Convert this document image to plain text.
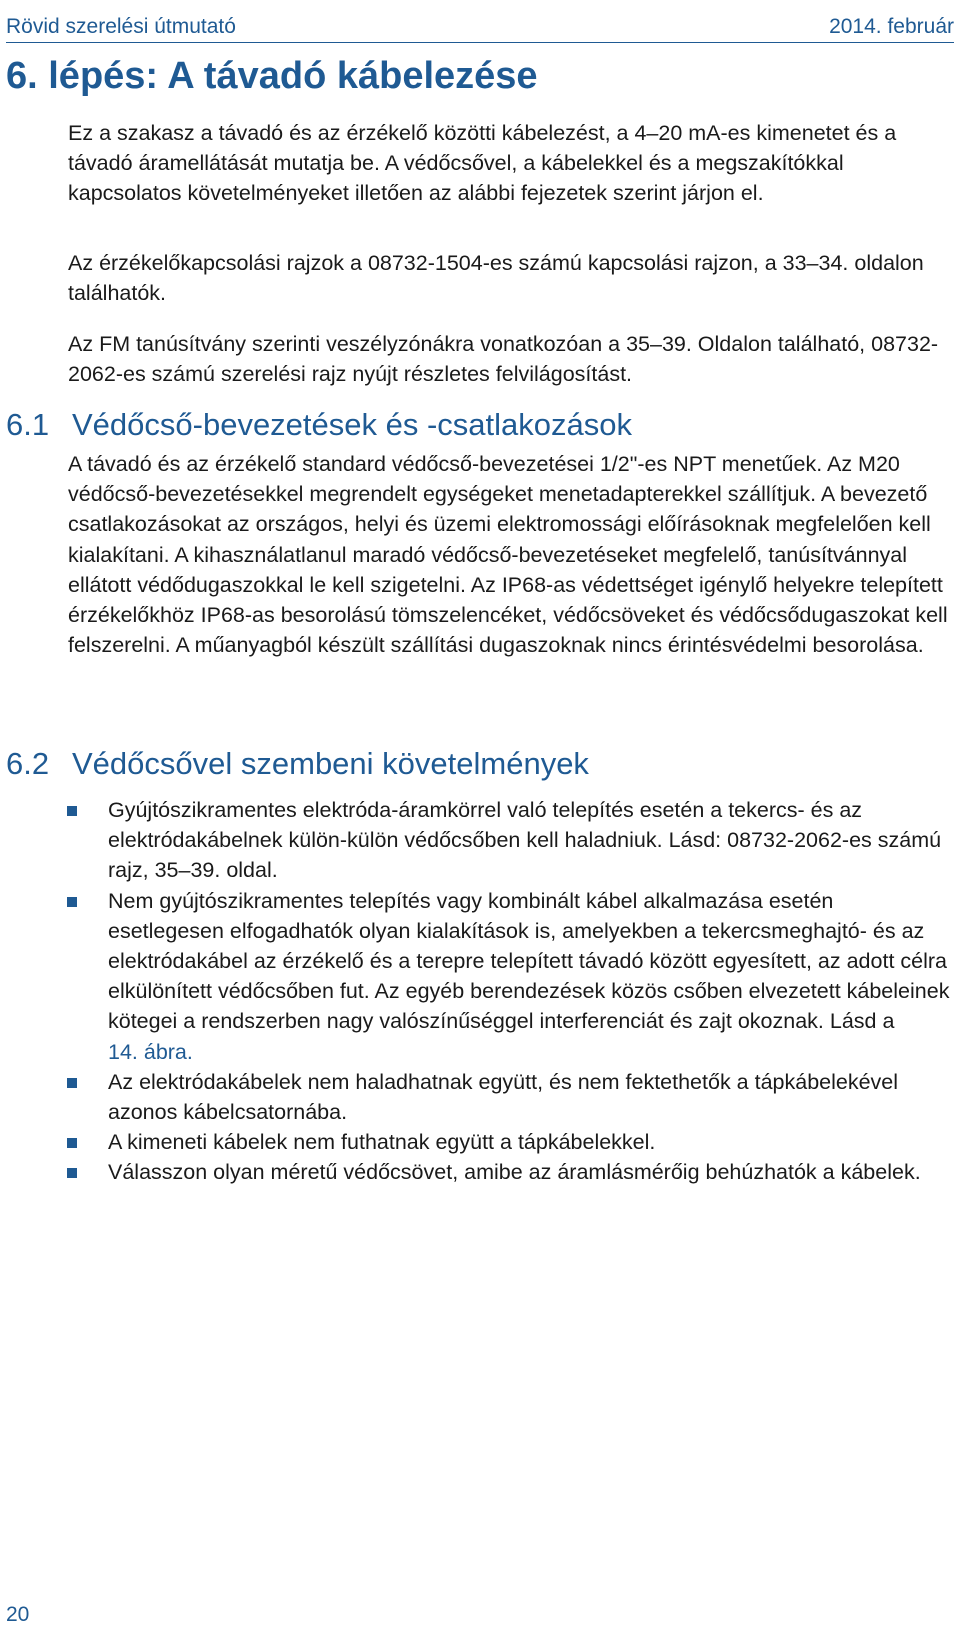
Rövid szerelési útmutató	2014. február
6. lépés: A távadó kábelezése

Ez a szakasz a távadó és az érzékelő közötti kábelezést, a 4–20 mA-es kimenetet és a távadó áramellátását mutatja be. A védőcsővel, a kábelekkel és a megszakítókkal kapcsolatos követelményeket illetően az alábbi fejezetek szerint járjon el.

Az érzékelőkapcsolási rajzok a 08732-1504-es számú kapcsolási rajzon, a 33–34. oldalon találhatók.

Az FM tanúsítvány szerinti veszélyzónákra vonatkozóan a 35–39. Oldalon található, 08732-2062-es számú szerelési rajz nyújt részletes felvilágosítást.

6.1 Védőcső-bevezetések és -csatlakozások

A távadó és az érzékelő standard védőcső-bevezetései 1/2"-es NPT menetűek. Az M20 védőcső-bevezetésekkel megrendelt egységeket menetadapterekkel szállítjuk. A bevezető csatlakozásokat az országos, helyi és üzemi elektromossági előírásoknak megfelelően kell kialakítani. A kihasználatlanul maradó védőcső-bevezetéseket megfelelő, tanúsítvánnyal ellátott védődugaszokkal le kell szigetelni. Az IP68-as védettséget igénylő helyekre telepített érzékelőkhöz IP68-as besorolású tömszelencéket, védőcsöveket és védőcsődugaszokat kell felszerelni. A műanyagból készült szállítási dugaszoknak nincs érintésvédelmi besorolása.

6.2 Védőcsővel szembeni követelmények
Gyújtószikramentes elektróda-áramkörrel való telepítés esetén a tekercs- és az elektródakábelnek külön-külön védőcsőben kell haladniuk. Lásd: 08732-2062-es számú rajz, 35–39. oldal.
Nem gyújtószikramentes telepítés vagy kombinált kábel alkalmazása esetén esetlegesen elfogadhatók olyan kialakítások is, amelyekben a tekercsmeghajtó- és az elektródakábel az érzékelő és a terepre telepített távadó között egyesített, az adott célra elkülönített védőcsőben fut. Az egyéb berendezések közös csőben elvezetett kábeleinek kötegei a rendszerben nagy valószínűséggel interferenciát és zajt okoznak. Lásd a
14. ábra.
Az elektródakábelek nem haladhatnak együtt, és nem fektethetők a tápkábelekével azonos kábelcsatornába.
A kimeneti kábelek nem futhatnak együtt a tápkábelekkel.
Válasszon olyan méretű védőcsövet, amibe az áramlásmérőig behúzhatók a kábelek.
20
